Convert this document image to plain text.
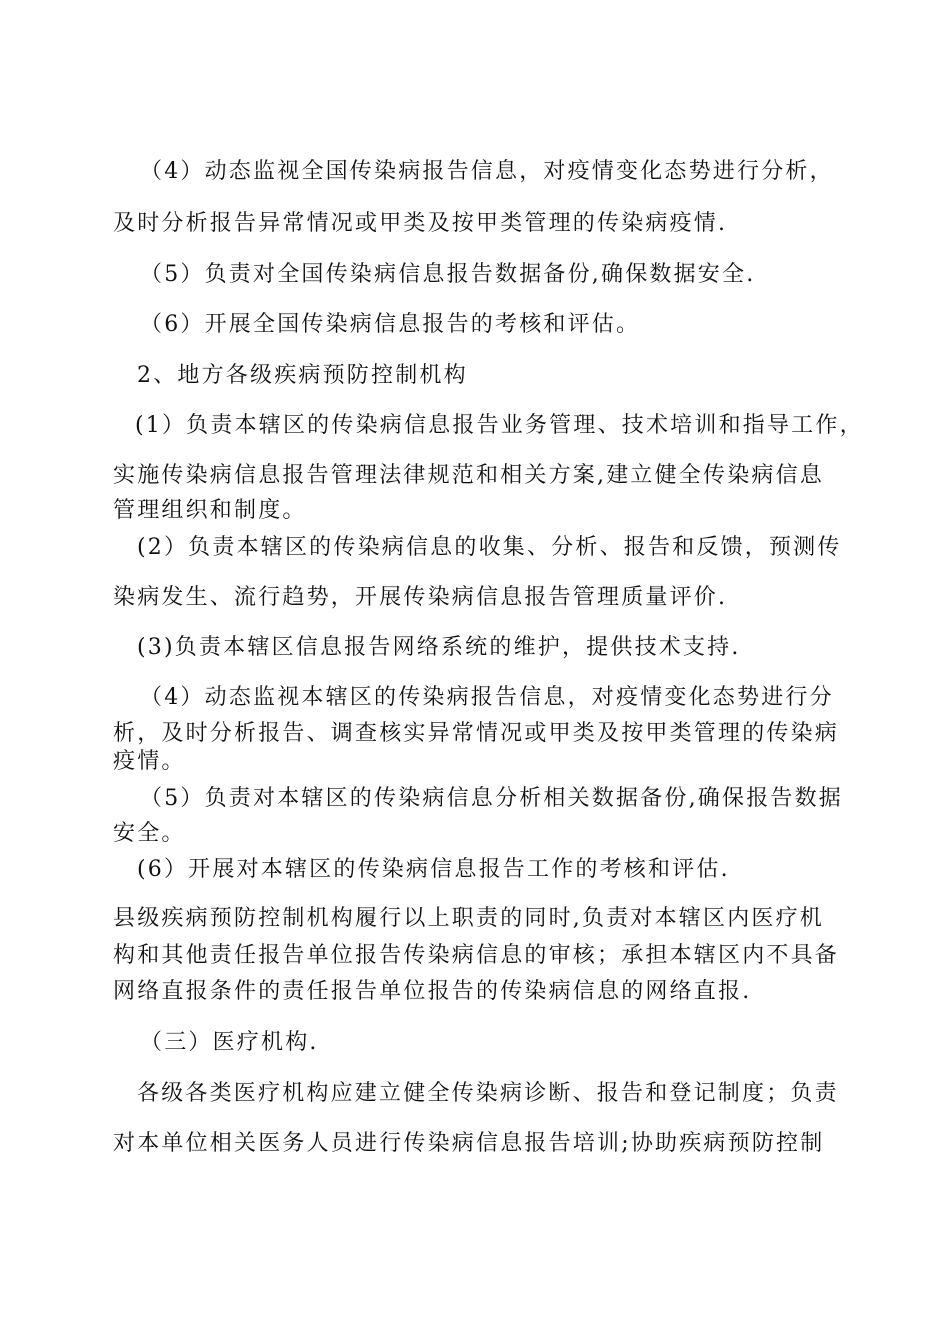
（4）动态监视全国传染病报告信息，对疫情变化态势进行分析，
及时分析报告异常情况或甲类及按甲类管理的传染病疫情.
（5）负责对全国传染病信息报告数据备份,确保数据安全.
（6）开展全国传染病信息报告的考核和评估。
2、地方各级疾病预防控制机构
(1）负责本辖区的传染病信息报告业务管理、技术培训和指导工作，
实施传染病信息报告管理法律规范和相关方案,建立健全传染病信息
管理组织和制度。
(2）负责本辖区的传染病信息的收集、分析、报告和反馈，预测传
染病发生、流行趋势，开展传染病信息报告管理质量评价.
(3)负责本辖区信息报告网络系统的维护，提供技术支持.
（4）动态监视本辖区的传染病报告信息，对疫情变化态势进行分
析，及时分析报告、调查核实异常情况或甲类及按甲类管理的传染病
疫情。
（5）负责对本辖区的传染病信息分析相关数据备份,确保报告数据
安全。
(6）开展对本辖区的传染病信息报告工作的考核和评估.
县级疾病预防控制机构履行以上职责的同时,负责对本辖区内医疗机
构和其他责任报告单位报告传染病信息的审核；承担本辖区内不具备
网络直报条件的责任报告单位报告的传染病信息的网络直报.
（三）医疗机构.
各级各类医疗机构应建立健全传染病诊断、报告和登记制度；负责
对本单位相关医务人员进行传染病信息报告培训;协助疾病预防控制
